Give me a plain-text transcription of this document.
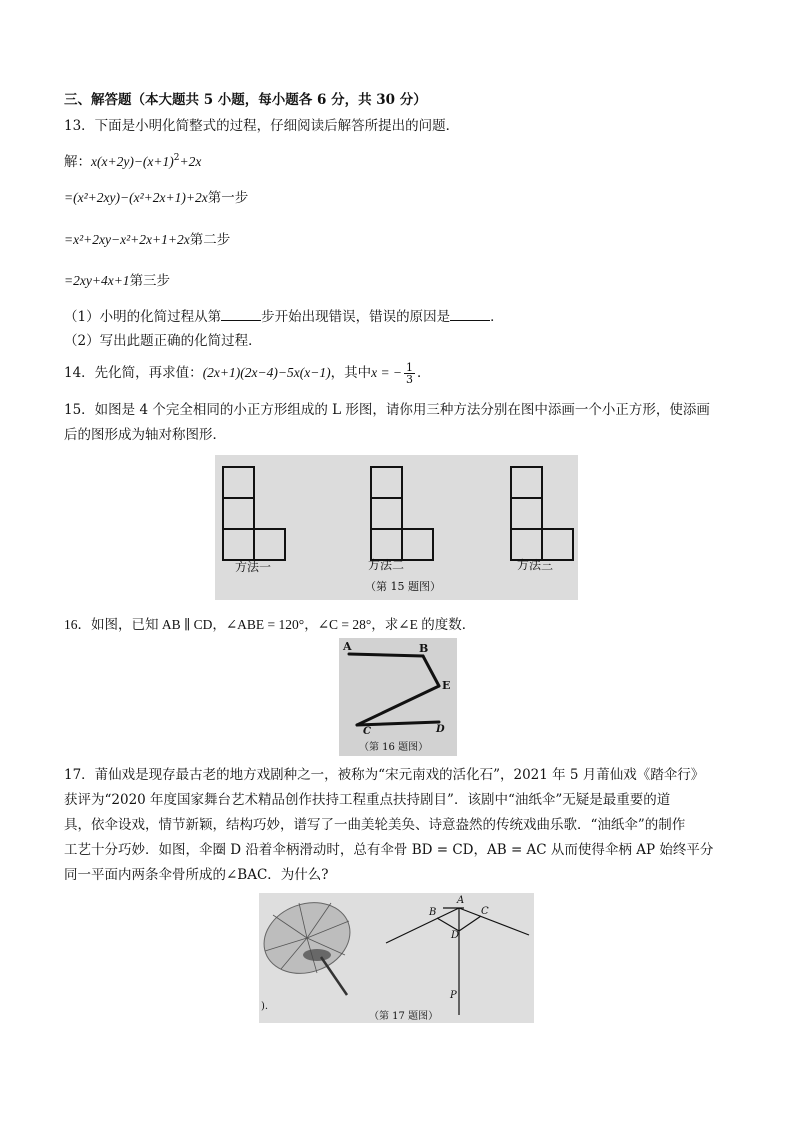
三、解答题（本大题共 5 小题，每小题各 6 分，共 30 分）
13．下面是小明化简整式的过程，仔细阅读后解答所提出的问题．
解：$x(x+2y)-(x+1)^2+2x$
=(x²+2xy)−(x²+2x+1)+2x第一步
=x²+2xy−x²+2x+1+2x第二步
=2xy+4x+1第三步
（1）小明的化简过程从第	步开始出现错误，错误的原因是	．
（2）写出此题正确的化简过程．
14．先化简，再求值：(2x+1)(2x−4)−5x(x−1)，其中x = − $\frac{1}{3}$ ．
15．如图是 4 个完全相同的小正方形组成的 L 形图，请你用三种方法分别在图中添画一个小正方形，使添画
后的图形成为轴对称图形．
方法一	方法二	方法三
（第 15 题图）
16．如图，已知 AB ∥ CD，∠ABE = 120°，∠C = 28°，求∠E 的度数．
A	B
E
C	D
（第 16 题图）
17．莆仙戏是现存最古老的地方戏剧种之一，被称为“宋元南戏的活化石”，2021 年 5 月莆仙戏《踏伞行》
获评为“2020 年度国家舞台艺术精品创作扶持工程重点扶持剧目”．该剧中“油纸伞”无疑是最重要的道
具，依伞设戏，情节新颖，结构巧妙，谱写了一曲美轮美奂、诗意盎然的传统戏曲乐歌．“油纸伞”的制作
工艺十分巧妙．如图，伞圈 D 沿着伞柄滑动时，总有伞骨 BD = CD，AB = AC 从而使得伞柄 AP 始终平分
同一平面内两条伞骨所成的∠BAC．为什么?
A
B	C
D
P
).
（第 17 题图）
